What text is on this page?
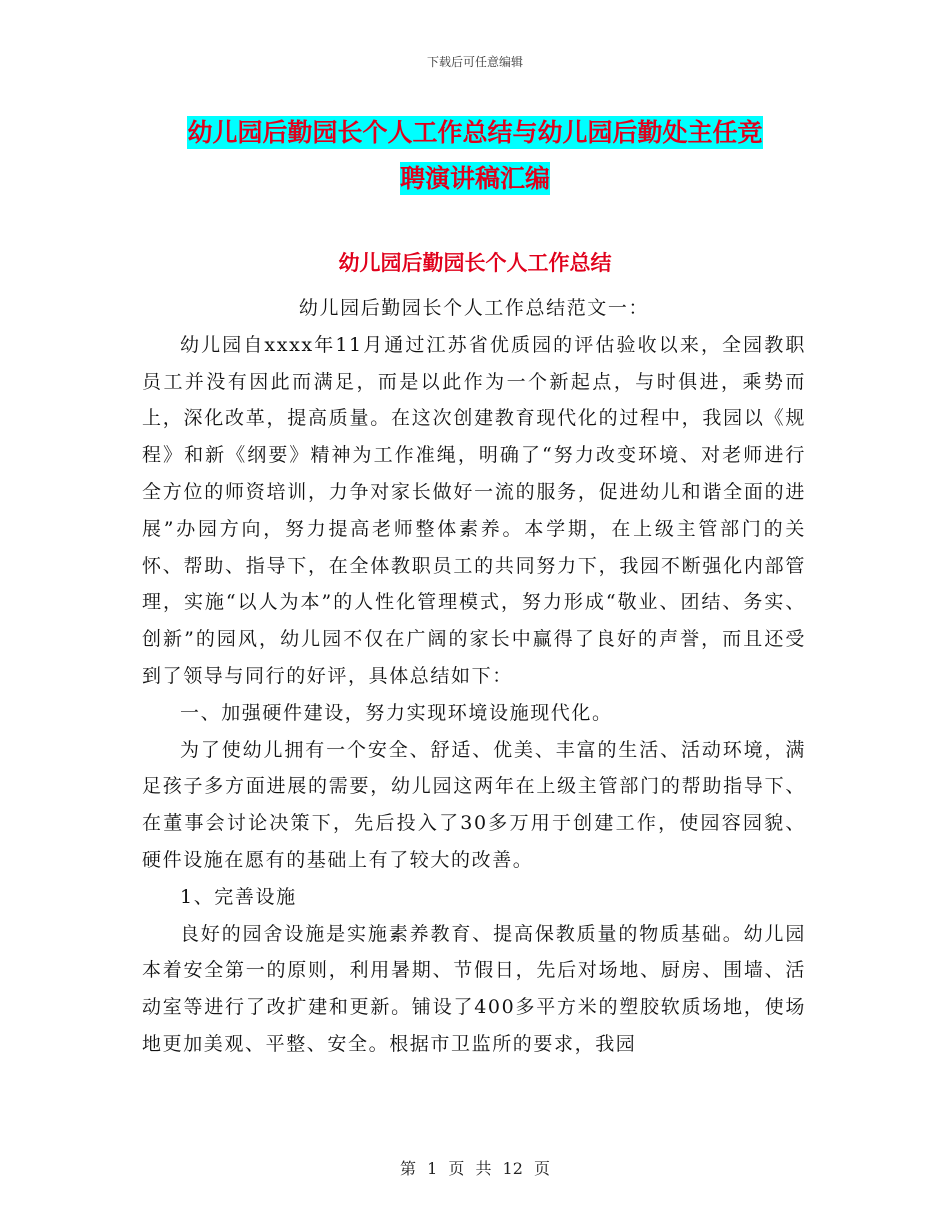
下载后可任意编辑
幼儿园后勤园长个人工作总结与幼儿园后勤处主任竞
聘演讲稿汇编
幼儿园后勤园长个人工作总结

幼儿园后勤园长个人工作总结范文一：

幼儿园自xxxx年11月通过江苏省优质园的评估验收以来，全园教职员工并没有因此而满足，而是以此作为一个新起点，与时俱进，乘势而上，深化改革，提高质量。在这次创建教育现代化的过程中，我园以《规程》和新《纲要》精神为工作准绳，明确了“努力改变环境、对老师进行全方位的师资培训，力争对家长做好一流的服务，促进幼儿和谐全面的进展”办园方向，努力提高老师整体素养。本学期，在上级主管部门的关怀、帮助、指导下，在全体教职员工的共同努力下，我园不断强化内部管理，实施“以人为本”的人性化管理模式，努力形成“敬业、团结、务实、创新”的园风，幼儿园不仅在广阔的家长中赢得了良好的声誉，而且还受到了领导与同行的好评，具体总结如下：

一、加强硬件建设，努力实现环境设施现代化。

为了使幼儿拥有一个安全、舒适、优美、丰富的生活、活动环境，满足孩子多方面进展的需要，幼儿园这两年在上级主管部门的帮助指导下、在董事会讨论决策下，先后投入了30多万用于创建工作，使园容园貌、硬件设施在愿有的基础上有了较大的改善。

1、完善设施

良好的园舍设施是实施素养教育、提高保教质量的物质基础。幼儿园本着安全第一的原则，利用暑期、节假日，先后对场地、厨房、围墙、活动室等进行了改扩建和更新。铺设了400多平方米的塑胶软质场地，使场地更加美观、平整、安全。根据市卫监所的要求，我园

第 1 页 共 12 页
